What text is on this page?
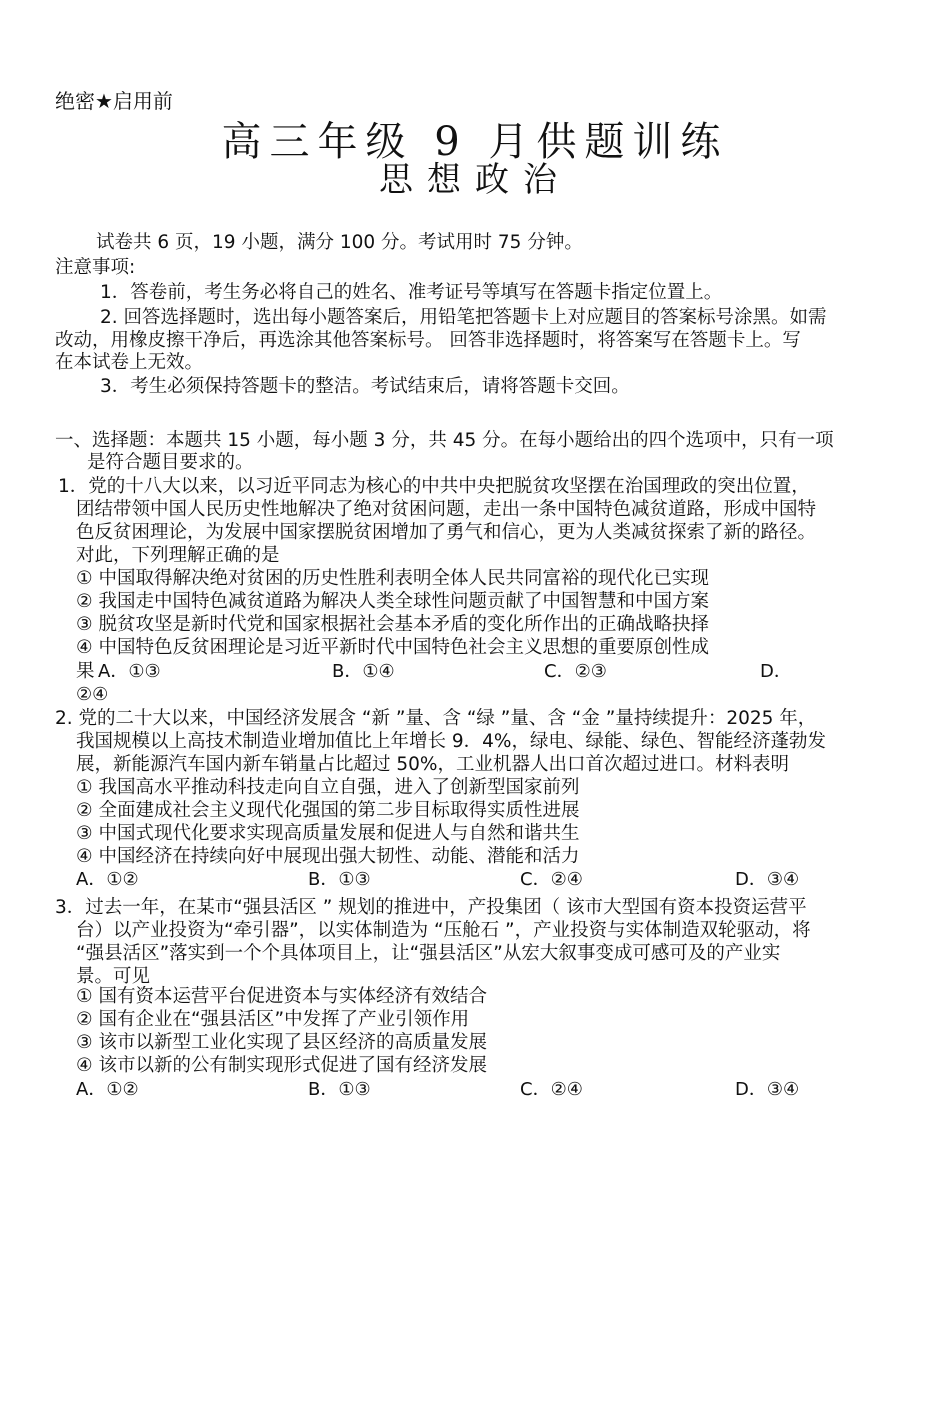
绝密★启用前
高三年级 9 月供题训练
思想政治
试卷共 6 页，19 小题，满分 100 分。考试用时 75 分钟。
注意事项:
1．答卷前，考生务必将自己的姓名、准考证号等填写在答题卡指定位置上。
2. 回答选择题时，选出每小题答案后，用铅笔把答题卡上对应题目的答案标号涂黑。如需
改动，用橡皮擦干净后，再选涂其他答案标号。 回答非选择题时，将答案写在答题卡上。写
在本试卷上无效。
3．考生必须保持答题卡的整洁。考试结束后，请将答题卡交回。
一、选择题：本题共 15 小题，每小题 3 分，共 45 分。在每小题给出的四个选项中，只有一项
是符合题目要求的。
1．党的十八大以来，以习近平同志为核心的中共中央把脱贫攻坚摆在治国理政的突出位置，
团结带领中国人民历史性地解决了绝对贫困问题，走出一条中国特色减贫道路，形成中国特
色反贫困理论，为发展中国家摆脱贫困增加了勇气和信心，更为人类减贫探索了新的路径。
对此，下列理解正确的是
① 中国取得解决绝对贫困的历史性胜利表明全体人民共同富裕的现代化已实现
② 我国走中国特色减贫道路为解决人类全球性问题贡献了中国智慧和中国方案
③ 脱贫攻坚是新时代党和国家根据社会基本矛盾的变化所作出的正确战略抉择
④ 中国特色反贫困理论是习近平新时代中国特色社会主义思想的重要原创性成
果 A．①③	B．①④	C．②③	D．
②④
2. 党的二十大以来，中国经济发展含 “新 ”量、含 “绿 ”量、含 “金 ”量持续提升：2025 年，
我国规模以上高技术制造业增加值比上年增长 9．4%，绿电、绿能、绿色、智能经济蓬勃发
展，新能源汽车国内新车销量占比超过 50%，工业机器人出口首次超过进口。材料表明
① 我国高水平推动科技走向自立自强，进入了创新型国家前列
② 全面建成社会主义现代化强国的第二步目标取得实质性进展
③ 中国式现代化要求实现高质量发展和促进人与自然和谐共生
④ 中国经济在持续向好中展现出强大韧性、动能、潜能和活力
A．①②	B．①③	C．②④	D．③④
3．过去一年，在某市“强县活区 ” 规划的推进中，产投集团（ 该市大型国有资本投资运营平
台）以产业投资为“牵引器”，以实体制造为 “压舱石 ”，产业投资与实体制造双轮驱动，将
“强县活区”落实到一个个具体项目上，让“强县活区”从宏大叙事变成可感可及的产业实
景。可见
① 国有资本运营平台促进资本与实体经济有效结合
② 国有企业在“强县活区”中发挥了产业引领作用
③ 该市以新型工业化实现了县区经济的高质量发展
④ 该市以新的公有制实现形式促进了国有经济发展
A．①②	B．①③	C．②④	D．③④
